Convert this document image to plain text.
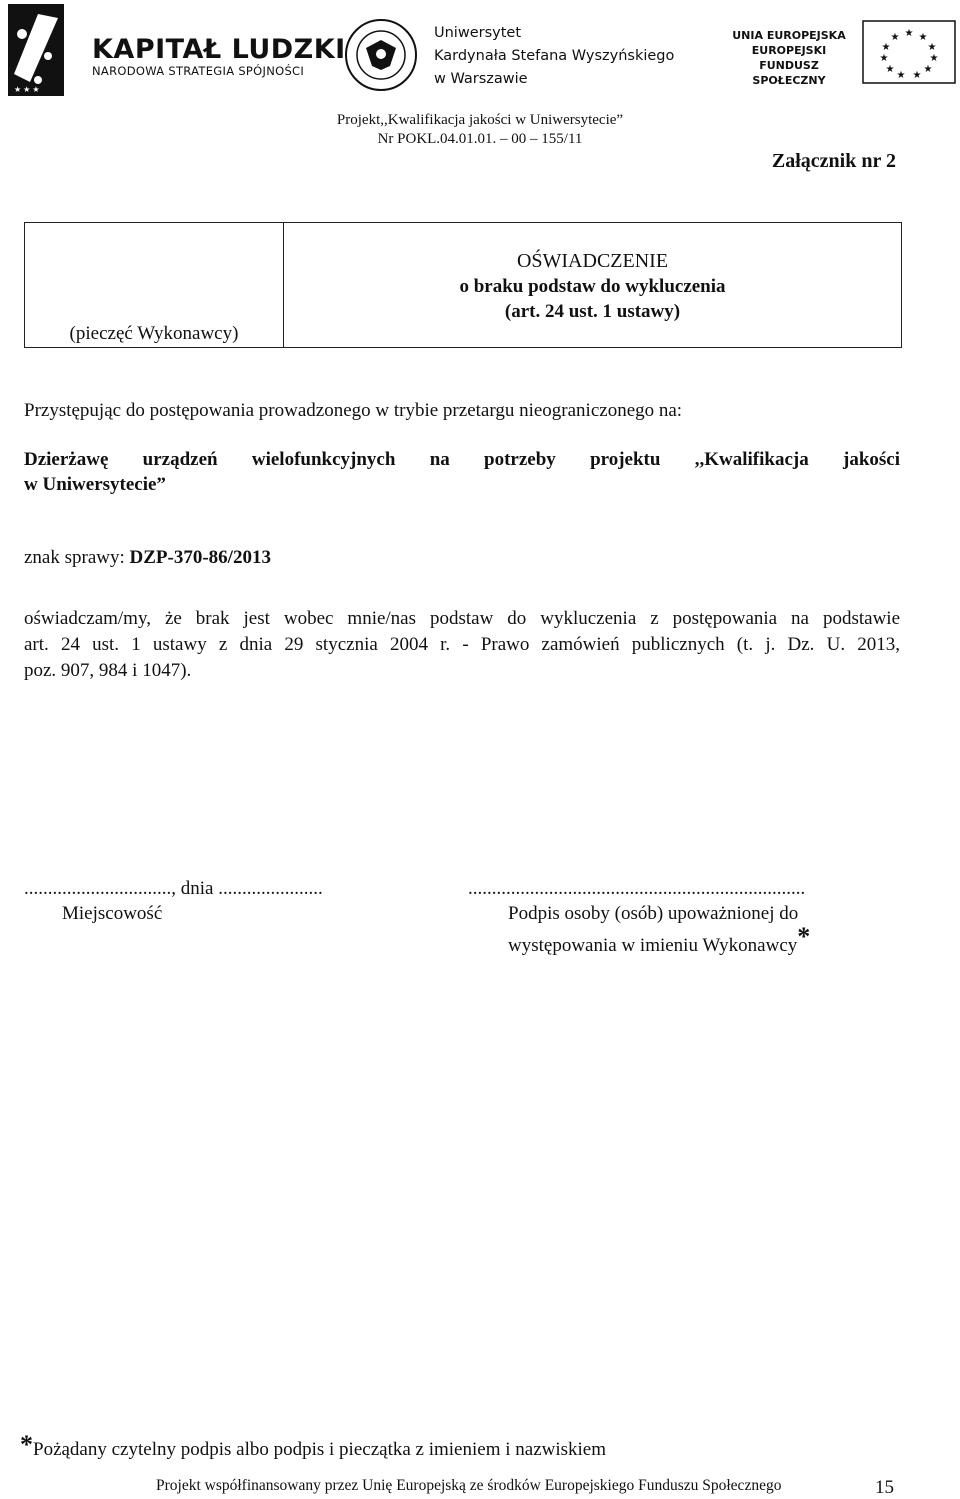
★ ★ ★
KAPITAŁ LUDZKI
NARODOWA STRATEGIA SPÓJNOŚCI
Uniwersytet
Kardynała Stefana Wyszyńskiego
w Warszawie
UNIA EUROPEJSKA
EUROPEJSKI
FUNDUSZ SPOŁECZNY
★ ★
★
★
★
★
★
★
★
★
★
Projekt,,Kwalifikacja jakości w Uniwersytecie”
Nr POKL.04.01.01. – 00 – 155/11
Załącznik nr 2
(pieczęć Wykonawcy)
OŚWIADCZENIE
o braku podstaw do wykluczenia
(art. 24 ust. 1 ustawy)
Przystępując do postępowania prowadzonego w trybie przetargu nieograniczonego na:
Dzierżawę urządzeń wielofunkcyjnych na potrzeby projektu ,,Kwalifikacja jakości
w Uniwersytecie”
znak sprawy: DZP-370-86/2013
oświadczam/my, że brak jest wobec mnie/nas podstaw do wykluczenia z postępowania na podstawie
art. 24 ust. 1 ustawy z dnia 29 stycznia 2004 r. - Prawo zamówień publicznych (t. j. Dz. U. 2013,
poz. 907, 984 i 1047).
..............................., dnia ......................
Miejscowość
.......................................................................
Podpis osoby (osób) upoważnionej do
występowania w imieniu Wykonawcy*
*Pożądany czytelny podpis albo podpis i pieczątka z imieniem i nazwiskiem
Projekt współfinansowany przez Unię Europejską ze środków Europejskiego Funduszu Społecznego	15
